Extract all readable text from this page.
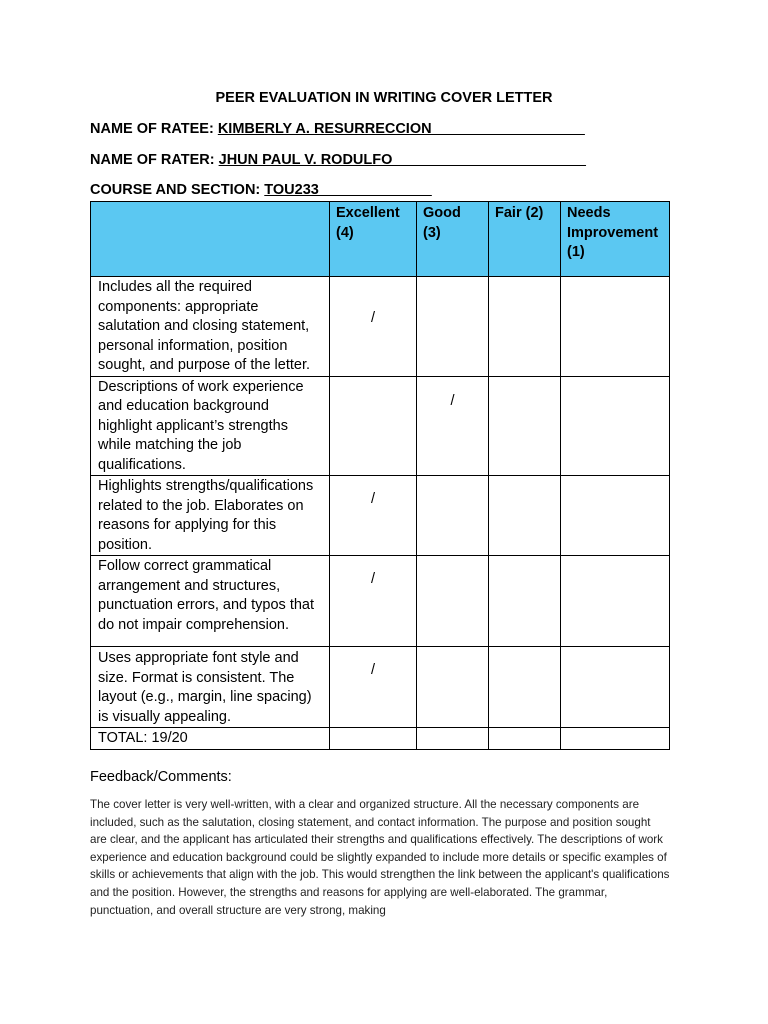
PEER EVALUATION IN WRITING COVER LETTER
NAME OF RATEE: KIMBERLY A. RESURRECCION___________________
NAME OF RATER: JHUN PAUL V. RODULFO________________________
COURSE AND SECTION: TOU233______________
	Excellent (4)	Good (3)	Fair (2)	Needs Improvement (1)
Includes all the required components: appropriate salutation and closing statement, personal information, position sought, and purpose of the letter.	/			
Descriptions of work experience and education background highlight applicant’s strengths while matching the job qualifications.		/		
Highlights strengths/qualifications related to the job. Elaborates on reasons for applying for this position.	/			
Follow correct grammatical arrangement and structures, punctuation errors, and typos that do not impair comprehension.	/			
Uses appropriate font style and size. Format is consistent. The layout (e.g., margin, line spacing) is visually appealing.	/			
TOTAL: 19/20				
Feedback/Comments:
The cover letter is very well-written, with a clear and organized structure. All the necessary components are included, such as the salutation, closing statement, and contact information. The purpose and position sought are clear, and the applicant has articulated their strengths and qualifications effectively. The descriptions of work experience and education background could be slightly expanded to include more details or specific examples of skills or achievements that align with the job. This would strengthen the link between the applicant's qualifications and the position. However, the strengths and reasons for applying are well-elaborated. The grammar, punctuation, and overall structure are very strong, making
